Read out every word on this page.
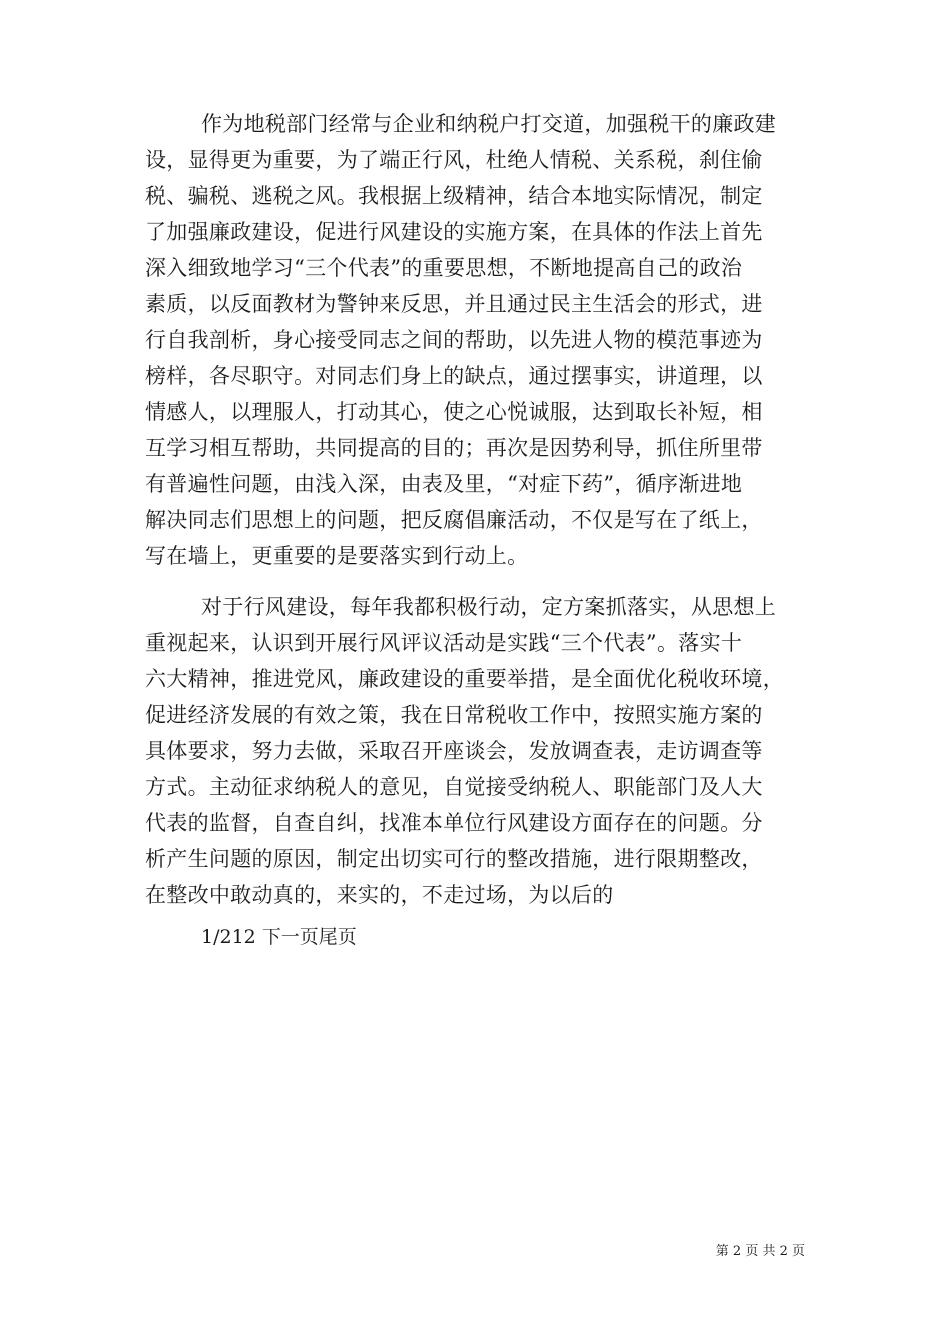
1/212 下一页尾页
第 2 页 共 2 页
作为地税部门经常与企业和纳税户打交道，加强税干的廉政建
设，显得更为重要，为了端正行风，杜绝人情税、关系税，刹住偷
税、骗税、逃税之风。我根据上级精神，结合本地实际情况，制定
了加强廉政建设，促进行风建设的实施方案，在具体的作法上首先
深入细致地学习“三个代表”的重要思想，不断地提高自己的政治
素质，以反面教材为警钟来反思，并且通过民主生活会的形式，进
行自我剖析，身心接受同志之间的帮助，以先进人物的模范事迹为
榜样，各尽职守。对同志们身上的缺点，通过摆事实，讲道理，以
情感人，以理服人，打动其心，使之心悦诚服，达到取长补短，相
互学习相互帮助，共同提高的目的；再次是因势利导，抓住所里带
有普遍性问题，由浅入深，由表及里，“对症下药”，循序渐进地
解决同志们思想上的问题，把反腐倡廉活动，不仅是写在了纸上，
写在墙上，更重要的是要落实到行动上。
对于行风建设，每年我都积极行动，定方案抓落实，从思想上
重视起来，认识到开展行风评议活动是实践“三个代表”。落实十
六大精神，推进党风，廉政建设的重要举措，是全面优化税收环境，
促进经济发展的有效之策，我在日常税收工作中，按照实施方案的
具体要求，努力去做，采取召开座谈会，发放调查表，走访调查等
方式。主动征求纳税人的意见，自觉接受纳税人、职能部门及人大
代表的监督，自查自纠，找准本单位行风建设方面存在的问题。分
析产生问题的原因，制定出切实可行的整改措施，进行限期整改，
在整改中敢动真的，来实的，不走过场，为以后的
